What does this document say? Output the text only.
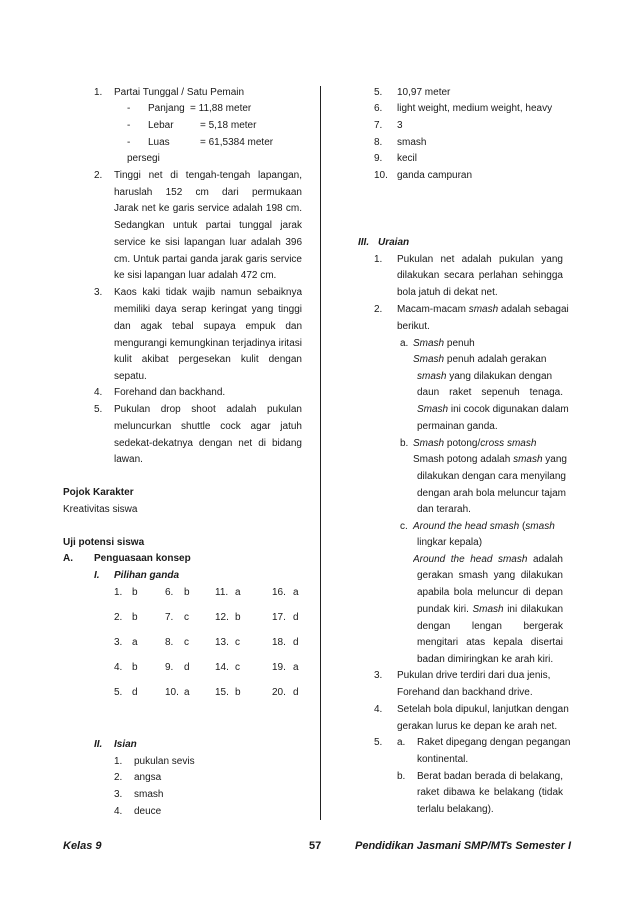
1. Partai Tunggal / Satu Pemain
- Panjang = 11,88 meter
- Lebar	= 5,18 meter
- Luas	= 61,5384 meter
persegi
2. Tinggi net di tengah-tengah lapangan,
haruslah 152 cm dari permukaan
Jarak net ke garis service adalah 198 cm.
Sedangkan untuk partai tunggal jarak
service ke sisi lapangan luar adalah 396
cm. Untuk partai ganda jarak garis service
ke sisi lapangan luar adalah 472 cm.
3. Kaos kaki tidak wajib namun sebaiknya
memiliki daya serap keringat yang tinggi
dan agak tebal supaya empuk dan
mengurangi kemungkinan terjadinya iritasi
kulit akibat pergesekan kulit dengan
sepatu.
4. Forehand dan backhand.
5. Pukulan drop shoot adalah pukulan
meluncurkan shuttle cock agar jatuh
sedekat-dekatnya dengan net di bidang
lawan.
Pojok Karakter
Kreativitas siswa
Uji potensi siswa
A. Penguasaan konsep
I. Pilihan ganda
1. b	6. b	11. a	16. a
2. b	7. c	12. b	17. d
3. a	8. c	13. c	18. d
4. b	9. d	14. c	19. a
5. d	10. a	15. b	20. d
II. Isian
1. pukulan sevis
2. angsa
3. smash
4. deuce
5. 10,97 meter
6. light weight, medium weight, heavy
7. 3
8. smash
9. kecil
10. ganda campuran
III. Uraian
1. Pukulan net adalah pukulan yang
dilakukan secara perlahan sehingga
bola jatuh di dekat net.
2. Macam-macam smash adalah sebagai
berikut.
a. Smash penuh
Smash penuh adalah gerakan
smash yang dilakukan dengan
daun raket sepenuh tenaga.
Smash ini cocok digunakan dalam
permainan ganda.
b. Smash potong/cross smash
Smash potong adalah smash yang
dilakukan dengan cara menyilang
dengan arah bola meluncur tajam
dan terarah.
c. Around the head smash (smash
lingkar kepala)
Around the head smash adalah
gerakan smash yang dilakukan
apabila bola meluncur di depan
pundak kiri. Smash ini dilakukan
dengan lengan bergerak
mengitari atas kepala disertai
badan dimiringkan ke arah kiri.
3. Pukulan drive terdiri dari dua jenis,
Forehand dan backhand drive.
4. Setelah bola dipukul, lanjutkan dengan
gerakan lurus ke depan ke arah net.
5. a. Raket dipegang dengan pegangan
kontinental.
b. Berat badan berada di belakang,
raket dibawa ke belakang (tidak
terlalu belakang).
Kelas 9	57	Pendidikan Jasmani SMP/MTs Semester I
